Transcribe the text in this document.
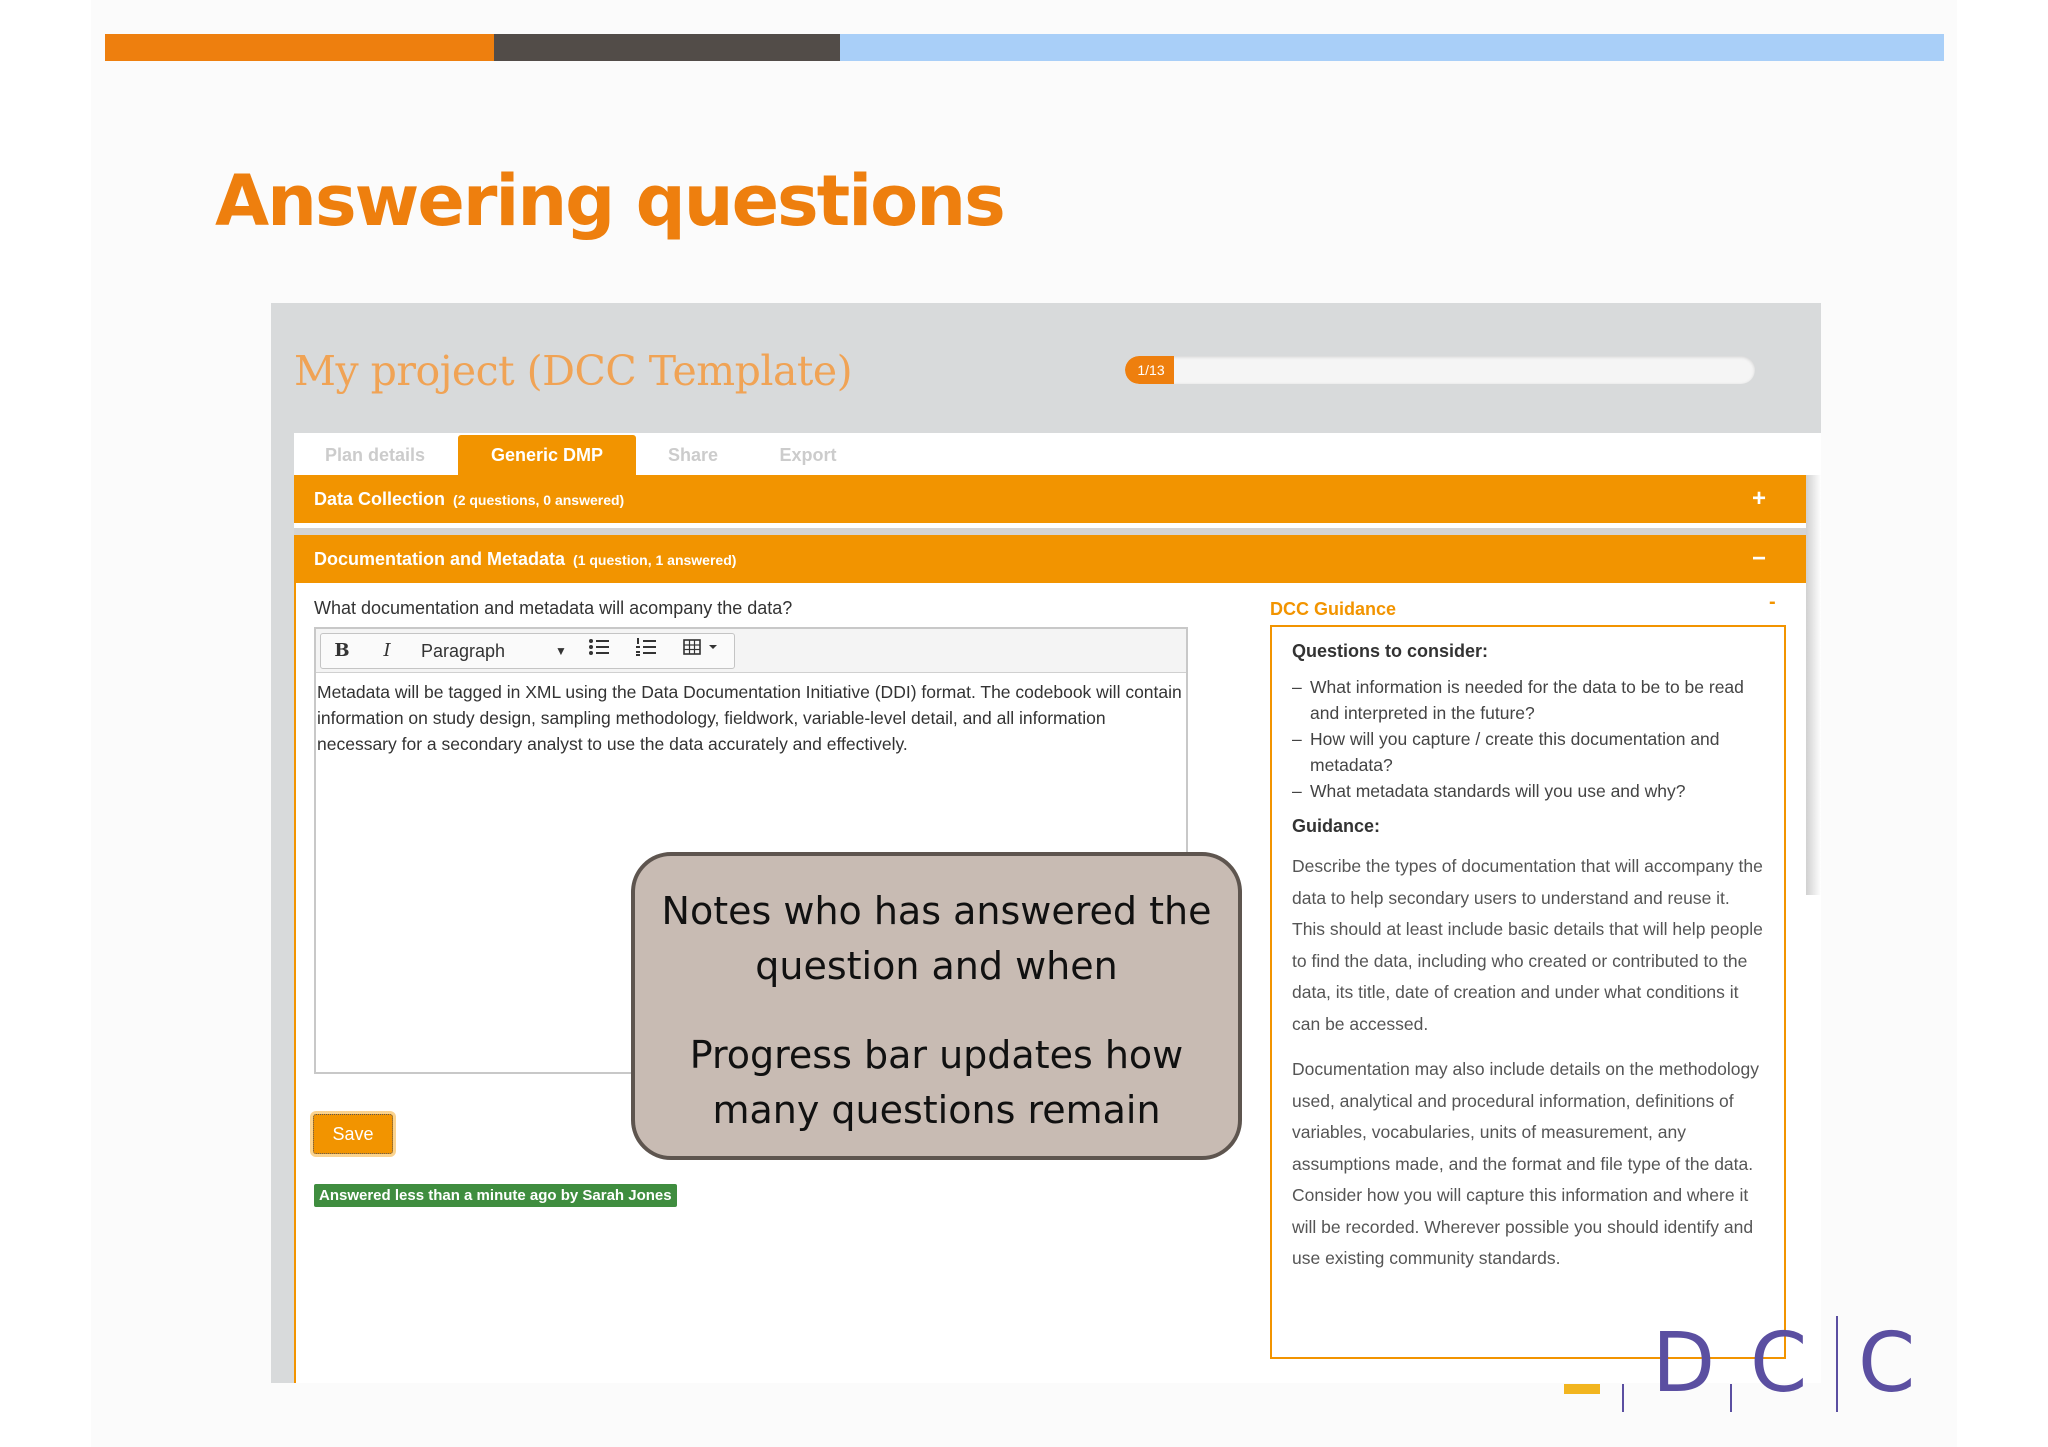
Answering questions
My project (DCC Template)	1/13
Plan details	Generic DMP	Share	Export
Data Collection (2 questions, 0 answered)	+
Documentation and Metadata (1 question, 1 answered)	−
What documentation and metadata will acompany the data?
B	I	Paragraph	▼
Metadata will be tagged in XML using the Data Documentation Initiative (DDI) format. The codebook will contain information on study design, sampling methodology, fieldwork, variable-level detail, and all information necessary for a secondary analyst to use the data accurately and effectively.
Save
Answered less than a minute ago by Sarah Jones
DCC Guidance	-
Questions to consider:
– What information is needed for the data to be to be read and interpreted in the future?
– How will you capture / create this documentation and metadata?
– What metadata standards will you use and why?
Guidance:

Describe the types of documentation that will accompany the data to help secondary users to understand and reuse it. This should at least include basic details that will help people to find the data, including who created or contributed to the data, its title, date of creation and under what conditions it can be accessed.

Documentation may also include details on the methodology used, analytical and procedural information, definitions of variables, vocabularies, units of measurement, any assumptions made, and the format and file type of the data. Consider how you will capture this information and where it will be recorded. Wherever possible you should identify and use existing community standards.

Notes who has answered the question and when

Progress bar updates how many questions remain

D C C
